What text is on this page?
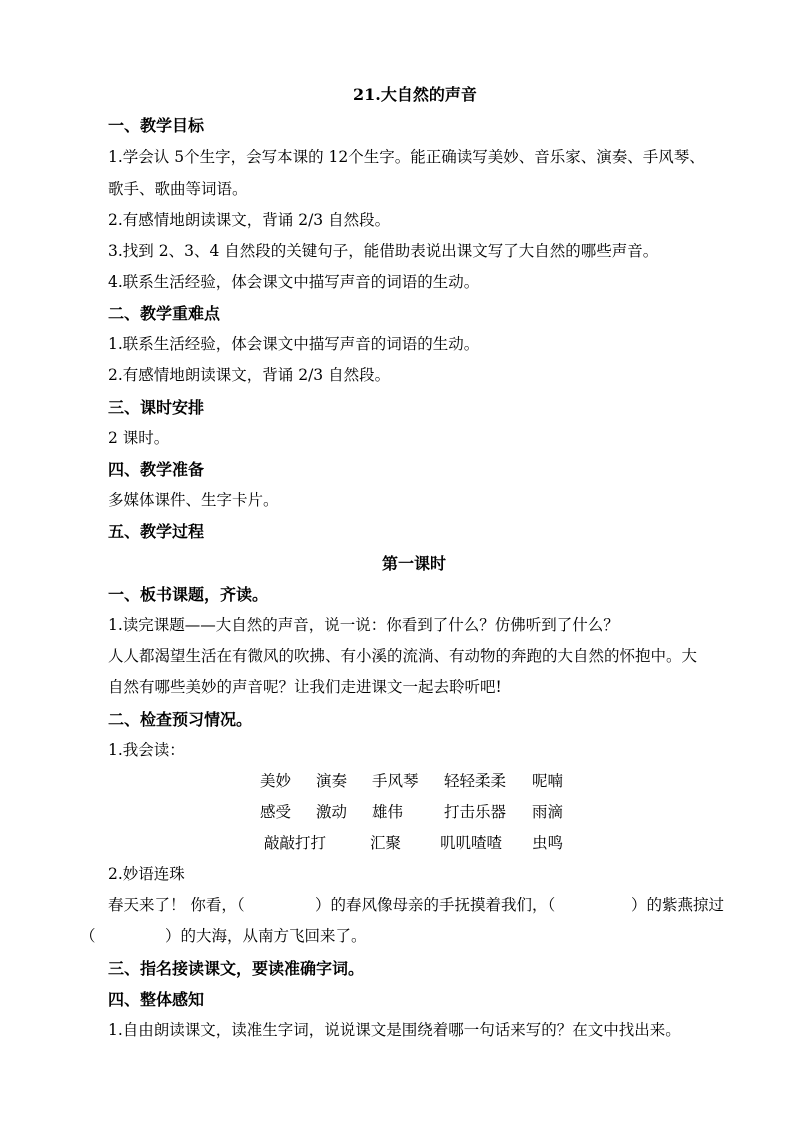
21.大自然的声音
一、教学目标
1.学会认 5个生字，会写本课的 12个生字。能正确读写美妙、音乐家、演奏、手风琴、
歌手、歌曲等词语。
2.有感情地朗读课文，背诵 2/3 自然段。
3.找到 2、3、4 自然段的关键句子，能借助表说出课文写了大自然的哪些声音。
4.联系生活经验，体会课文中描写声音的词语的生动。
二、教学重难点
1.联系生活经验，体会课文中描写声音的词语的生动。
2.有感情地朗读课文，背诵 2/3 自然段。
三、课时安排
2 课时。
四、教学准备
多媒体课件、生字卡片。
五、教学过程
第一课时
一、板书课题，齐读。
1.读完课题——大自然的声音，说一说：你看到了什么？仿佛听到了什么？
人人都渴望生活在有微风的吹拂、有小溪的流淌、有动物的奔跑的大自然的怀抱中。大
自然有哪些美妙的声音呢？让我们走进课文一起去聆听吧!
二、检查预习情况。
1.我会读：
美妙 演奏 手风琴 轻轻柔柔 呢喃
感受 激动 雄伟	打击乐器 雨滴
敲敲打打	汇聚	叽叽喳喳 虫鸣
2.妙语连珠
春天来了！ 你看，（	）的春风像母亲的手抚摸着我们，（	）的紫燕掠过
（	）的大海，从南方飞回来了。
三、指名接读课文，要读准确字词。
四、整体感知
1.自由朗读课文，读准生字词，说说课文是围绕着哪一句话来写的？在文中找出来。
